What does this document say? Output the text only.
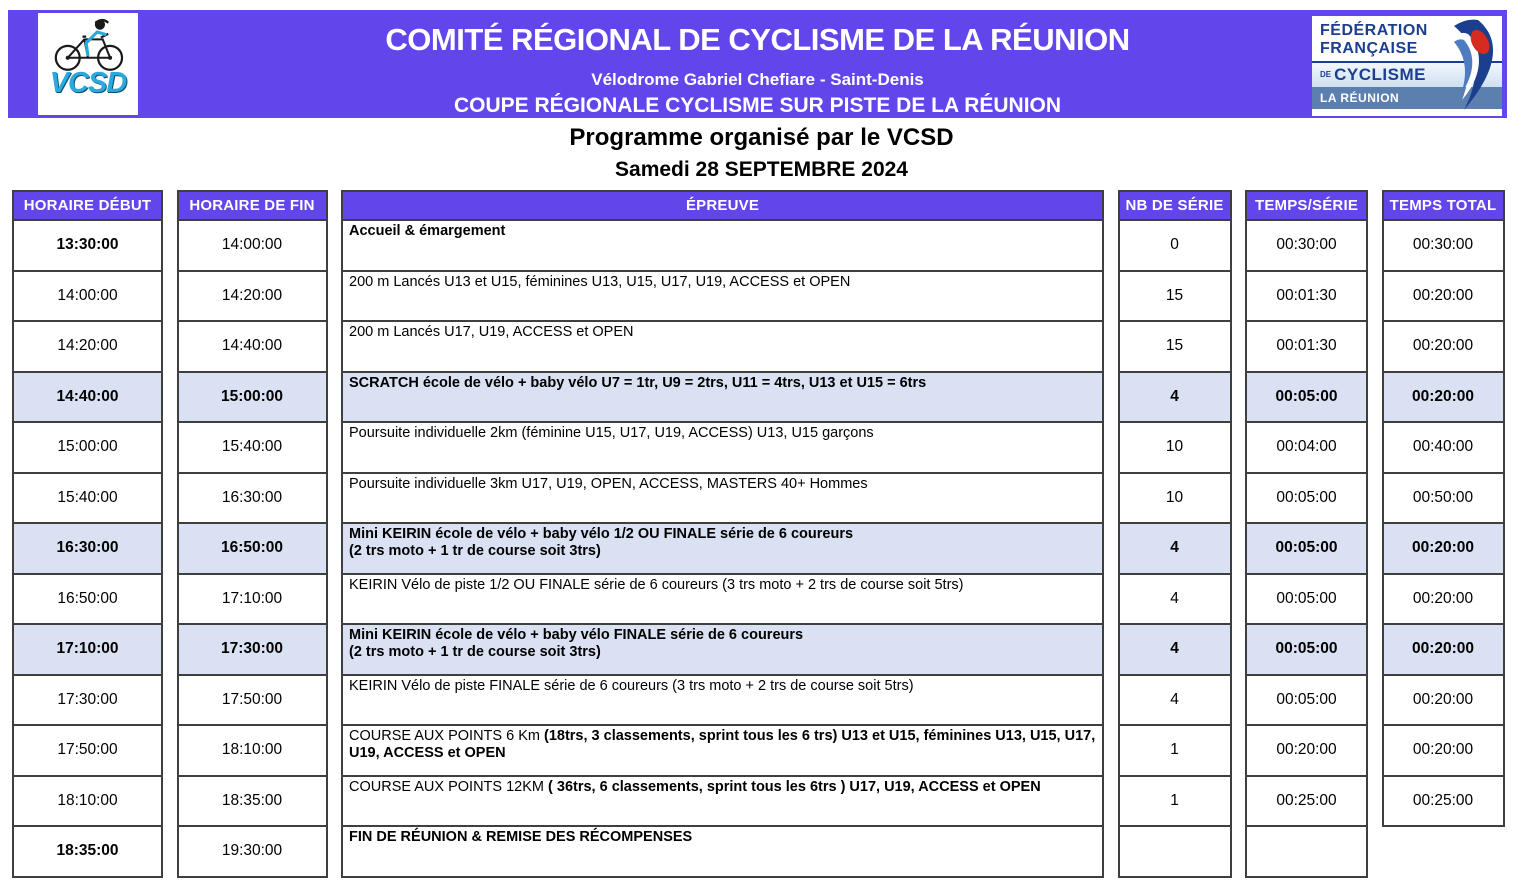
COMITÉ RÉGIONAL DE CYCLISME DE LA RÉUNION
Vélodrome Gabriel Chefiare - Saint-Denis
COUPE RÉGIONALE CYCLISME SUR PISTE DE LA RÉUNION
VCSD
FÉDÉRATION
FRANÇAISE
DE CYCLISME
LA RÉUNION
Programme organisé par le VCSD
Samedi 28 SEPTEMBRE 2024
HORAIRE DÉBUT
13:30:00
14:00:00
14:20:00
14:40:00
15:00:00
15:40:00
16:30:00
16:50:00
17:10:00
17:30:00
17:50:00
18:10:00
18:35:00
HORAIRE DE FIN
14:00:00
14:20:00
14:40:00
15:00:00
15:40:00
16:30:00
16:50:00
17:10:00
17:30:00
17:50:00
18:10:00
18:35:00
19:30:00
ÉPREUVE
Accueil & émargement
200 m Lancés U13 et U15, féminines U13, U15, U17, U19, ACCESS et OPEN
200 m Lancés U17, U19, ACCESS et OPEN
SCRATCH école de vélo + baby vélo U7 = 1tr, U9 = 2trs, U11 = 4trs, U13 et U15 = 6trs
Poursuite individuelle 2km (féminine U15, U17, U19, ACCESS) U13, U15 garçons
Poursuite individuelle 3km U17, U19, OPEN, ACCESS, MASTERS 40+ Hommes
Mini KEIRIN école de vélo + baby vélo 1/2 OU FINALE série de 6 coureurs
(2 trs moto + 1 tr de course soit 3trs)
KEIRIN Vélo de piste 1/2 OU FINALE série de 6 coureurs (3 trs moto + 2 trs de course soit 5trs)
Mini KEIRIN école de vélo + baby vélo FINALE série de 6 coureurs
(2 trs moto + 1 tr de course soit 3trs)
KEIRIN Vélo de piste FINALE série de 6 coureurs (3 trs moto + 2 trs de course soit 5trs)
COURSE AUX POINTS 6 Km (18trs, 3 classements, sprint tous les 6 trs) U13 et U15, féminines U13, U15, U17, U19, ACCESS et OPEN
COURSE AUX POINTS 12KM ( 36trs, 6 classements, sprint tous les 6trs ) U17, U19, ACCESS et OPEN
FIN DE RÉUNION & REMISE DES RÉCOMPENSES
NB DE SÉRIE
0
15
15
4
10
10
4
4
4
4
1
1
TEMPS/SÉRIE
00:30:00
00:01:30
00:01:30
00:05:00
00:04:00
00:05:00
00:05:00
00:05:00
00:05:00
00:05:00
00:20:00
00:25:00
TEMPS TOTAL
00:30:00
00:20:00
00:20:00
00:20:00
00:40:00
00:50:00
00:20:00
00:20:00
00:20:00
00:20:00
00:20:00
00:25:00
